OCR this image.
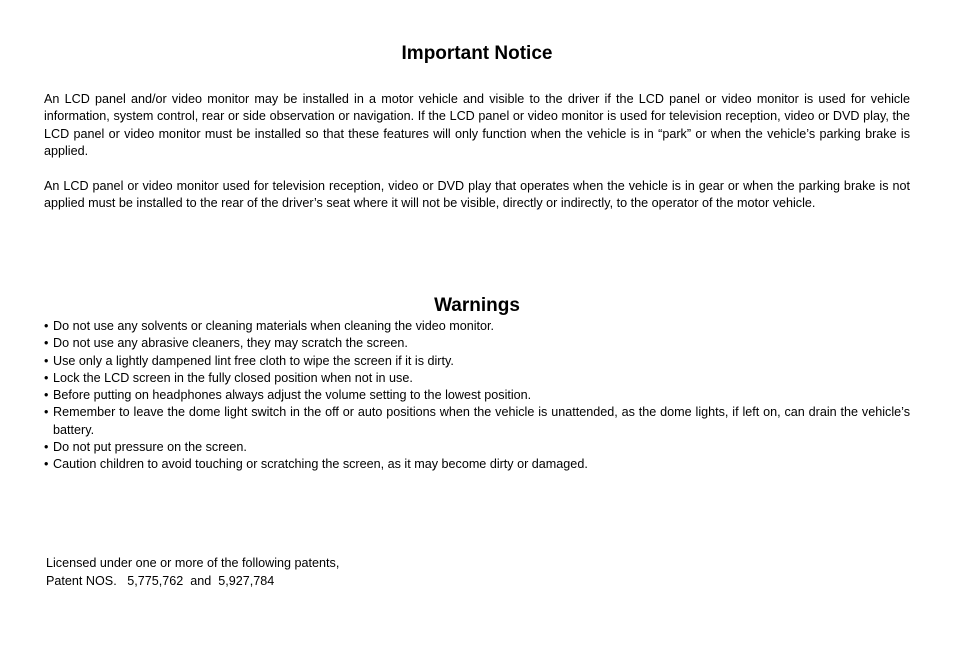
Important Notice

An LCD panel and/or video monitor may be installed in a motor vehicle and visible to the driver if the LCD panel or video monitor is used for vehicle information, system control, rear or side observation or navigation. If the LCD panel or video monitor is used for television reception, video or DVD play, the LCD panel or video monitor must be installed so that these features will only function when the vehicle is in “park” or when the vehicle’s parking brake is applied.

An LCD panel or video monitor used for television reception, video or DVD play that operates when the vehicle is in gear or when the parking brake is not applied must be installed to the rear of the driver’s seat where it will not be visible, directly or indirectly, to the operator of the motor vehicle.

Warnings
• Do not use any solvents or cleaning materials when cleaning the video monitor.
• Do not use any abrasive cleaners, they may scratch the screen.
• Use only a lightly dampened lint free cloth to wipe the screen if it is dirty.
• Lock the LCD screen in the fully closed position when not in use.
• Before putting on headphones always adjust the volume setting to the lowest position.
• Remember to leave the dome light switch in the off or auto positions when the vehicle is unattended, as the dome lights, if left on, can drain the vehicle’s battery.
• Do not put pressure on the screen.
• Caution children to avoid touching or scratching the screen, as it may become dirty or damaged.

Licensed under one or more of the following patents,

Patent NOS.   5,775,762  and  5,927,784
